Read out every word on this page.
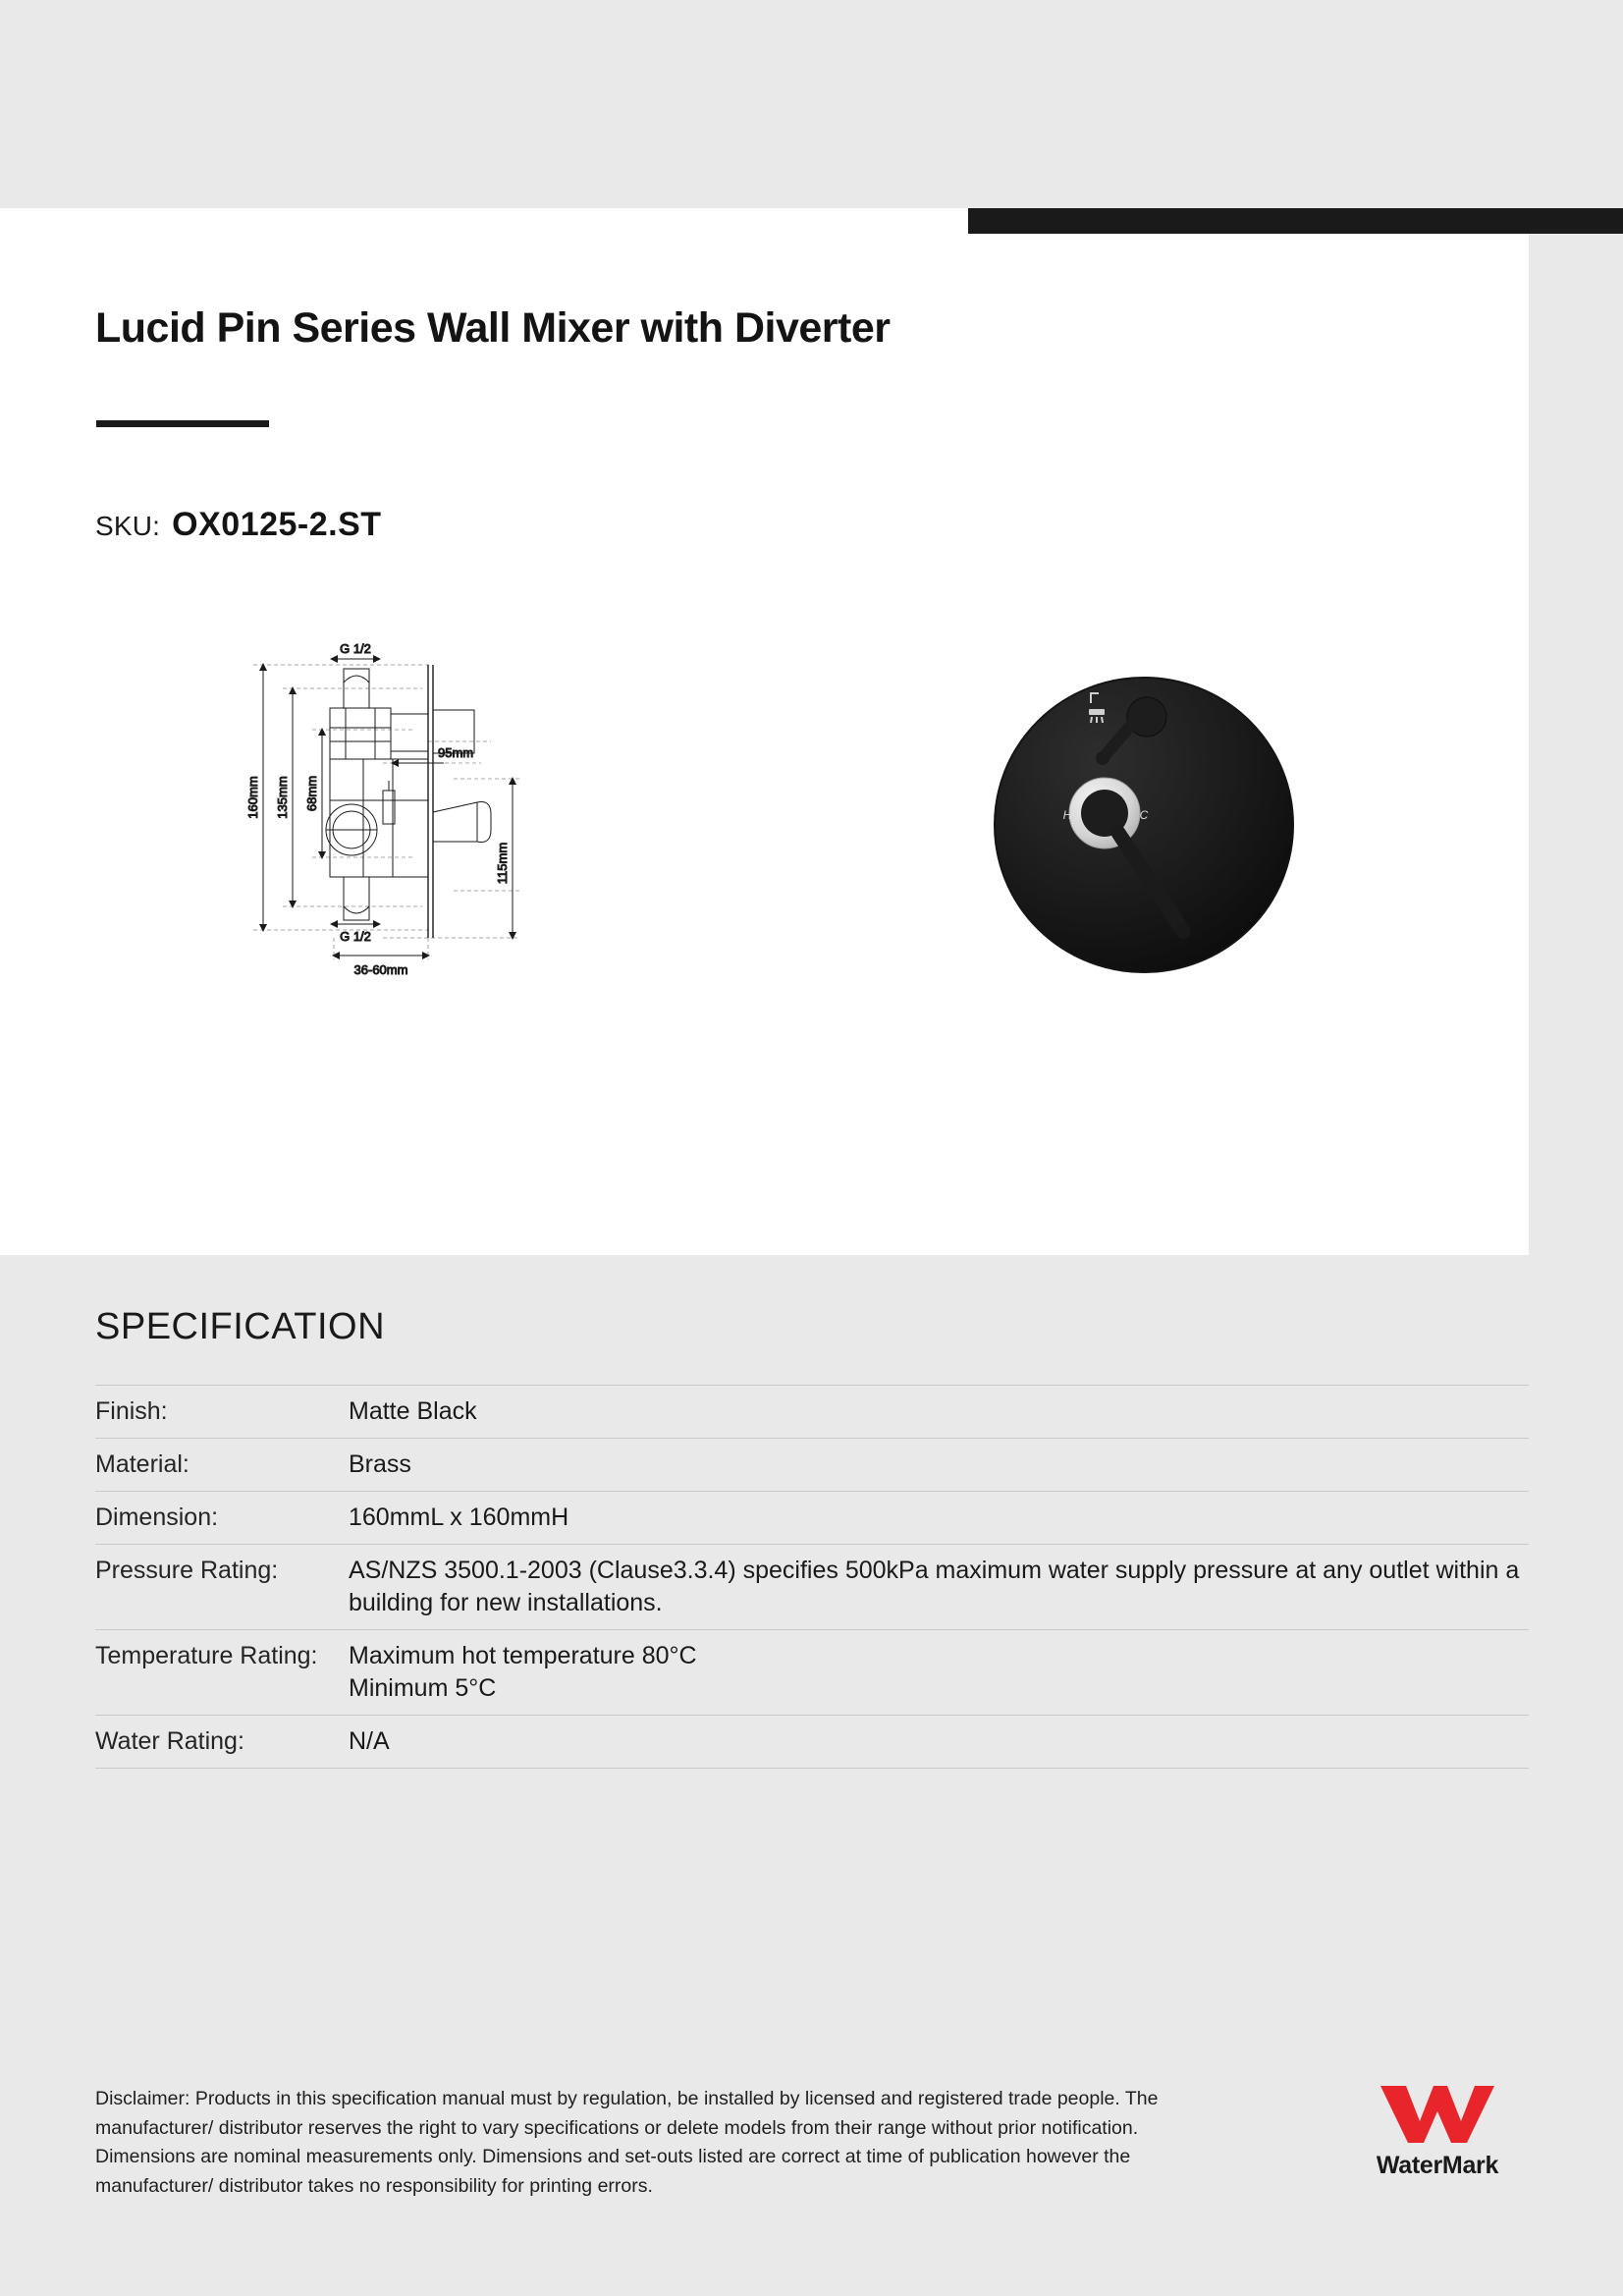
Lucid Pin Series Wall Mixer with Diverter
SKU: OX0125-2.ST
160mm 135mm 68mm
G 1/2
G 1/2
95mm
115mm
36-60mm
H	C
SPECIFICATION
Finish:	Matte Black
Material:	Brass
Dimension:	160mmL x 160mmH
Pressure Rating:	AS/NZS 3500.1-2003 (Clause3.3.4) specifies 500kPa maximum water supply pressure at any outlet within a building for new installations.
Temperature Rating:	Maximum hot temperature 80°C
Minimum 5°C
Water Rating:	N/A
Disclaimer: Products in this specification manual must by regulation, be installed by licensed and registered trade people. The manufacturer/ distributor reserves the right to vary specifications or delete models from their range without prior notification. Dimensions are nominal measurements only. Dimensions and set-outs listed are correct at time of publication however the manufacturer/ distributor takes no responsibility for printing errors.
WaterMark
